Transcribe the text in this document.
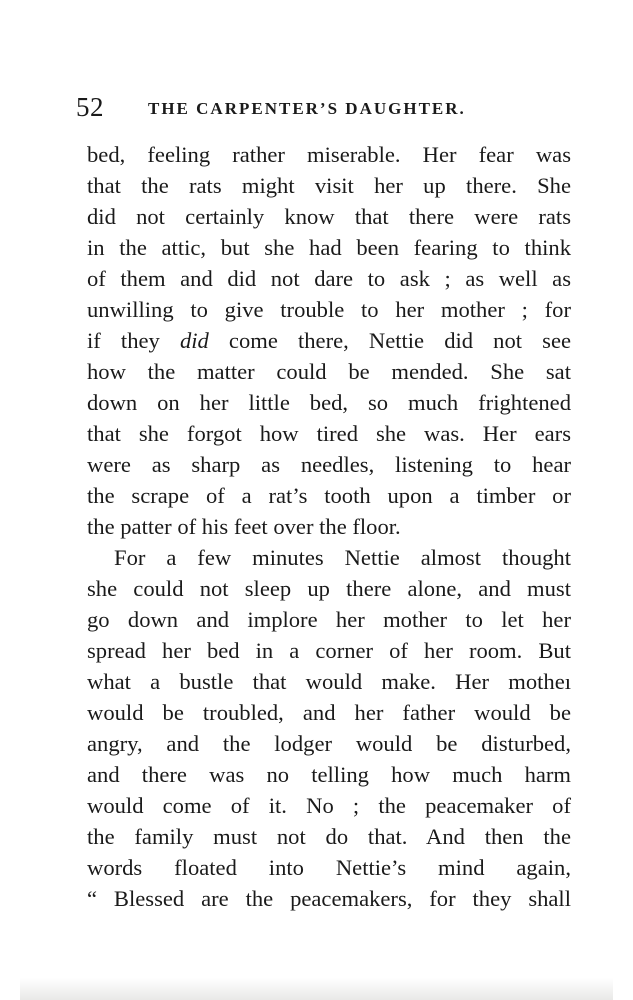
52	THE CARPENTER’S DAUGHTER.
bed, feeling rather miserable. Her fear was
that the rats might visit her up there. She
did not certainly know that there were rats
in the attic, but she had been fearing to think
of them and did not dare to ask ; as well as
unwilling to give trouble to her mother ; for
if they did come there, Nettie did not see
how the matter could be mended. She sat
down on her little bed, so much frightened
that she forgot how tired she was. Her ears
were as sharp as needles, listening to hear
the scrape of a rat’s tooth upon a timber or
the patter of his feet over the floor.
For a few minutes Nettie almost thought
she could not sleep up there alone, and must
go down and implore her mother to let her
spread her bed in a corner of her room. But
what a bustle that would make. Her motheı
would be troubled, and her father would be
angry, and the lodger would be disturbed,
and there was no telling how much harm
would come of it. No ; the peacemaker of
the family must not do that. And then the
words floated into Nettie’s mind again,
“ Blessed are the peacemakers, for they shall
